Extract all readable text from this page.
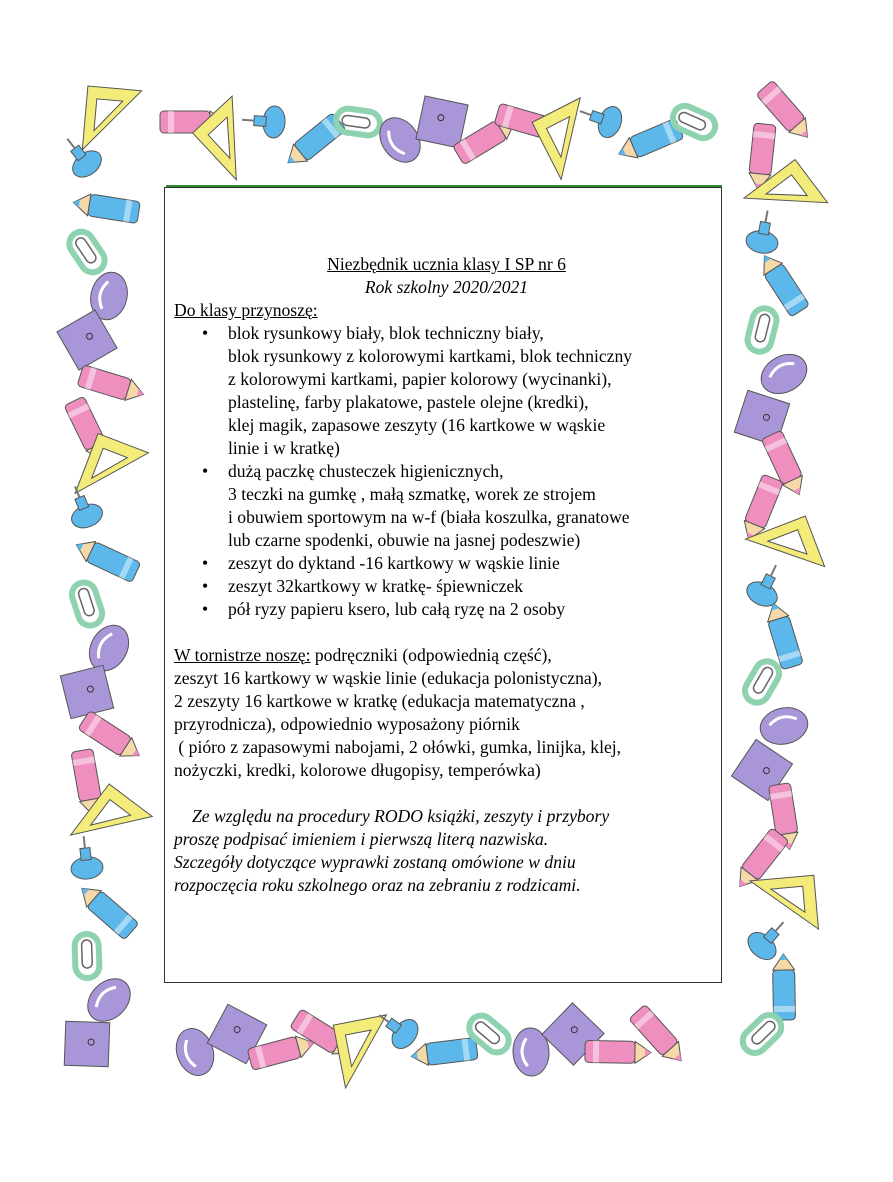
Niezbędnik ucznia klasy I SP nr 6

Rok szkolny 2020/2021

Do klasy przynoszę:
• blok rysunkowy biały, blok techniczny biały,
blok rysunkowy z kolorowymi kartkami, blok techniczny
z kolorowymi kartkami, papier kolorowy (wycinanki),
plastelinę, farby plakatowe, pastele olejne (kredki),
klej magik, zapasowe zeszyty (16 kartkowe w wąskie
linie i w kratkę)
• dużą paczkę chusteczek higienicznych,
3 teczki na gumkę , małą szmatkę, worek ze strojem
i obuwiem sportowym na w-f (biała koszulka, granatowe
lub czarne spodenki, obuwie na jasnej podeszwie)
• zeszyt do dyktand -16 kartkowy w wąskie linie
• zeszyt 32kartkowy w kratkę- śpiewniczek
• pół ryzy papieru ksero, lub całą ryzę na 2 osoby
W tornistrze noszę: podręczniki (odpowiednią część),
zeszyt 16 kartkowy w wąskie linie (edukacja polonistyczna),
2 zeszyty 16 kartkowe w kratkę (edukacja matematyczna ,
przyrodnicza), odpowiednio wyposażony piórnik
( pióro z zapasowymi nabojami, 2 ołówki, gumka, linijka, klej,
nożyczki, kredki, kolorowe długopisy, temperówka)
Ze względu na procedury RODO książki, zeszyty i przybory
proszę podpisać imieniem i pierwszą literą nazwiska.
Szczegóły dotyczące wyprawki zostaną omówione w dniu
rozpoczęcia roku szkolnego oraz na zebraniu z rodzicami.
